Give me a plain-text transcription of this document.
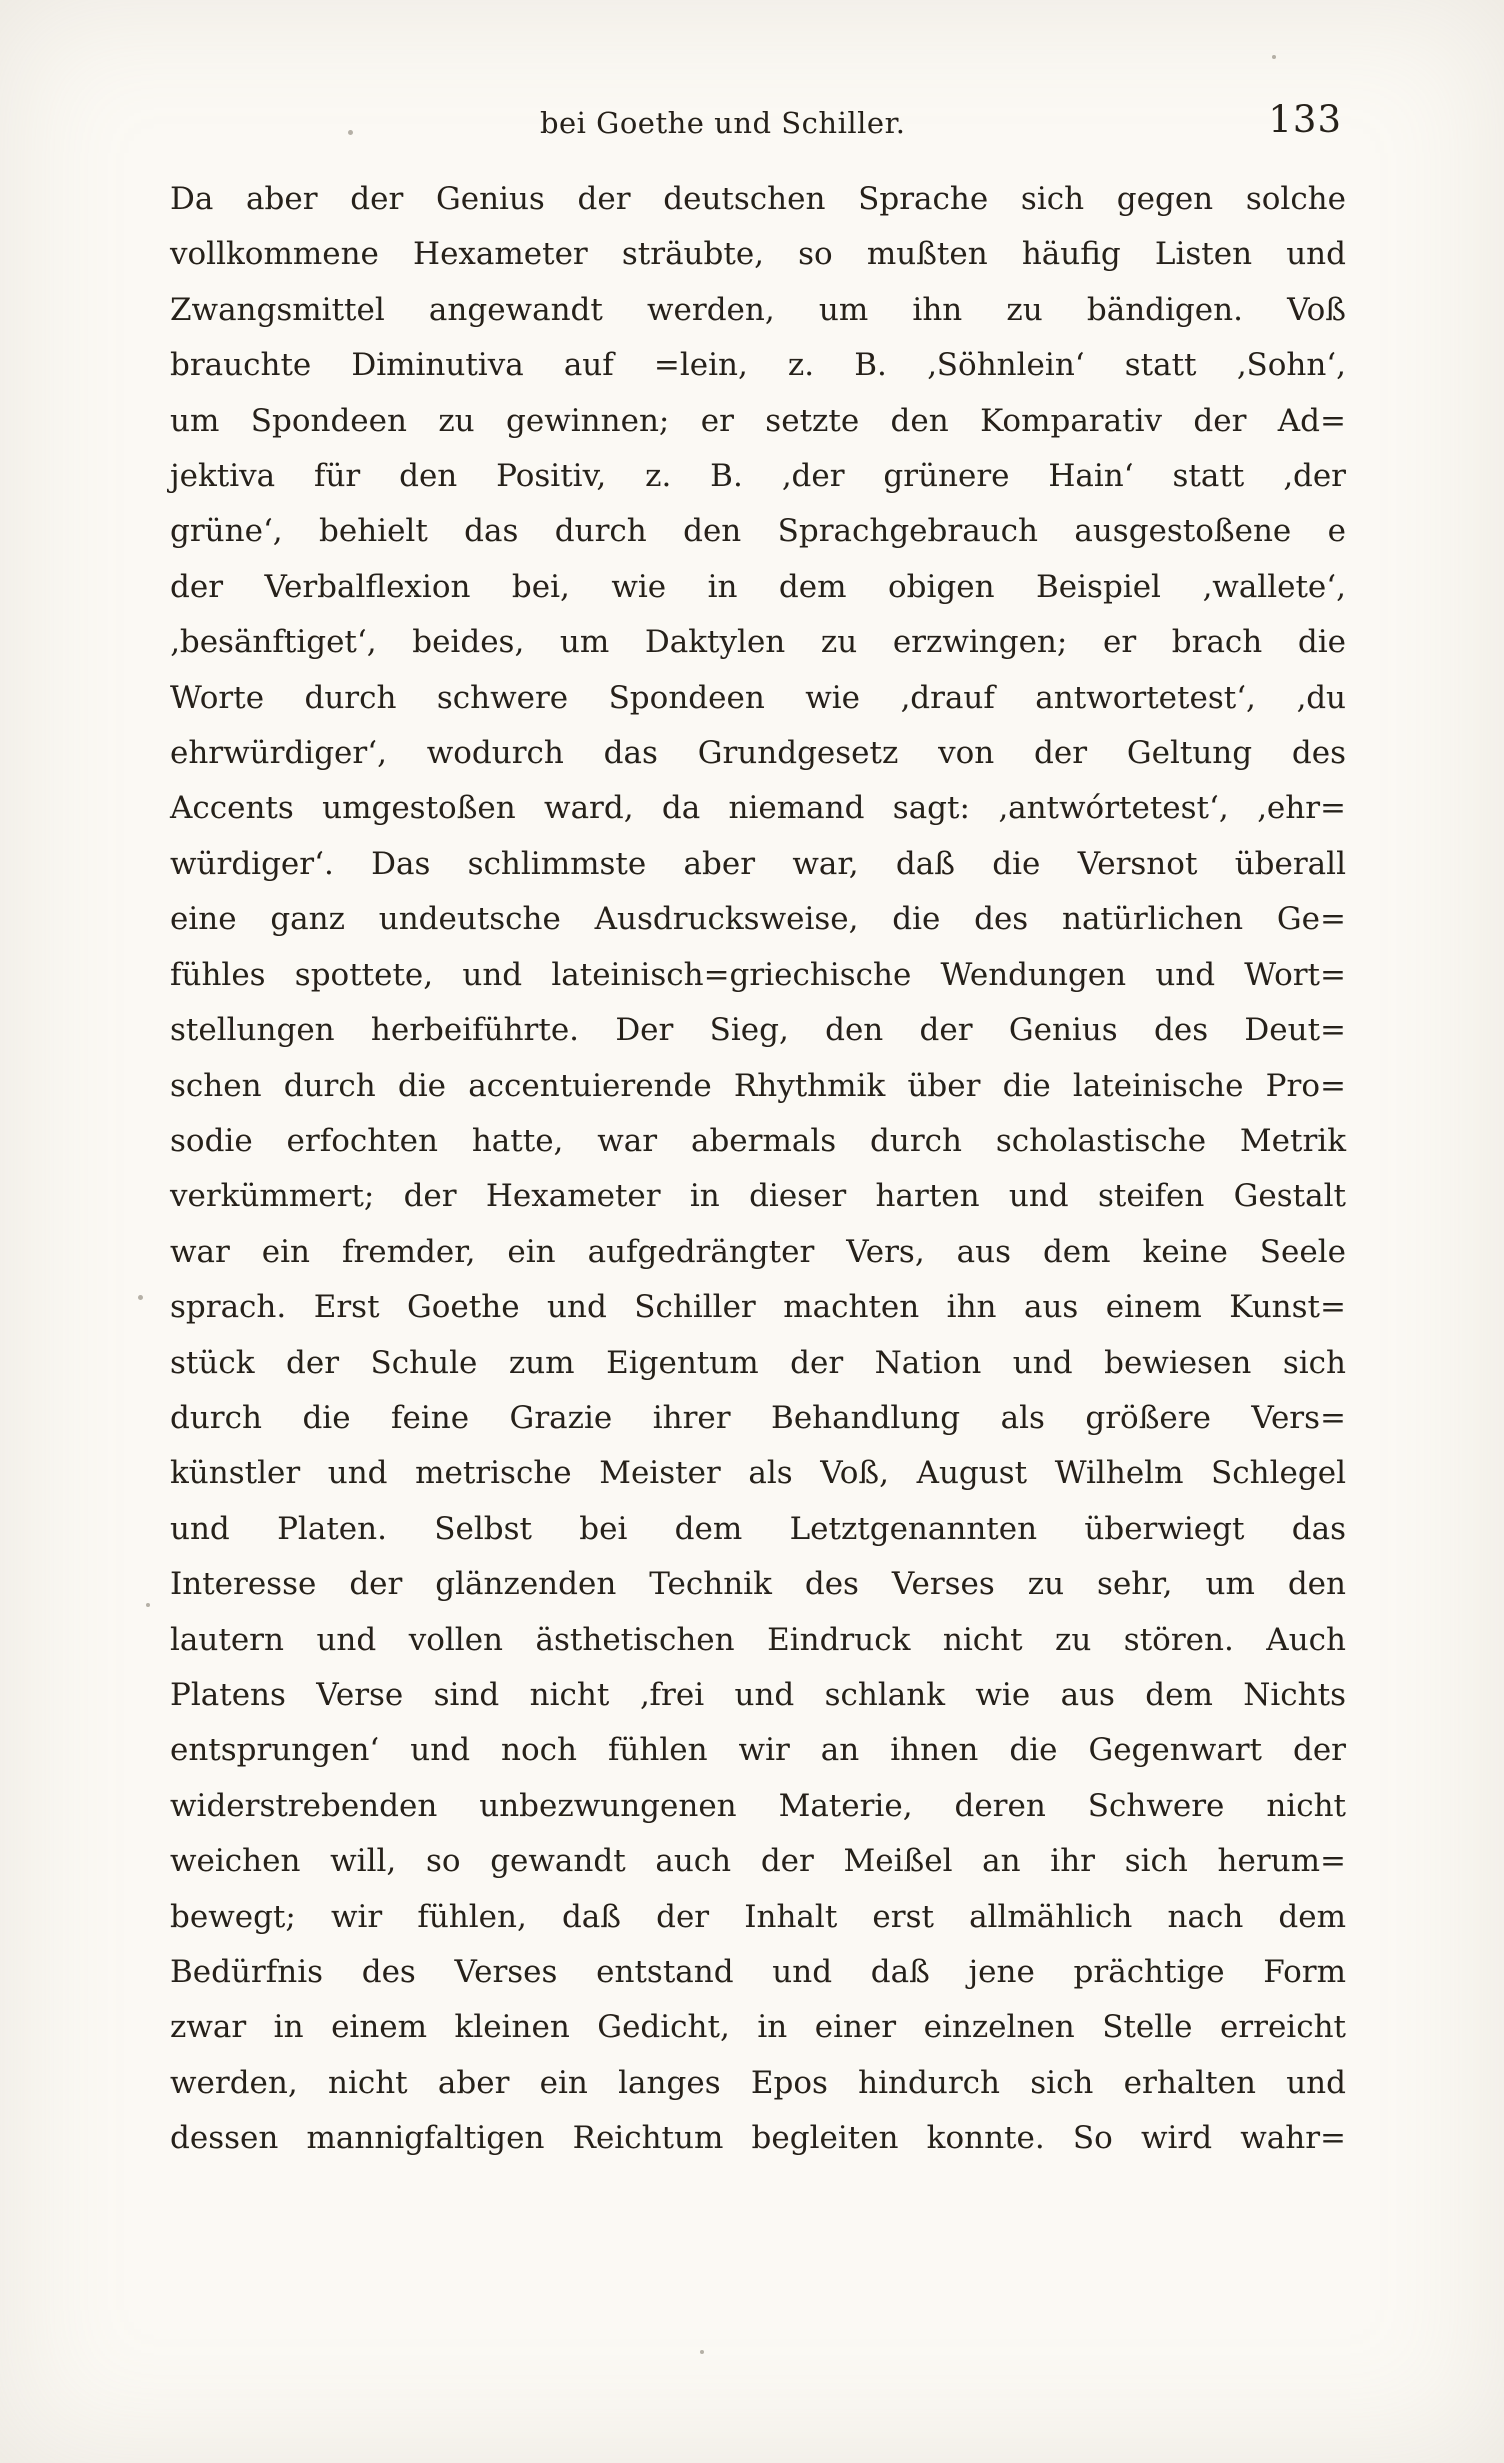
bei Goethe und Schiller.	133
Da aber der Genius der deutschen Sprache sich gegen solche
vollkommene Hexameter sträubte, so mußten häufig Listen und
Zwangsmittel angewandt werden, um ihn zu bändigen. Voß
brauchte Diminutiva auf =lein, z. B. ‚Söhnlein‘ statt ‚Sohn‘,
um Spondeen zu gewinnen; er setzte den Komparativ der Ad=
jektiva für den Positiv, z. B. ‚der grünere Hain‘ statt ‚der
grüne‘, behielt das durch den Sprachgebrauch ausgestoßene e
der Verbalflexion bei, wie in dem obigen Beispiel ‚wallete‘,
‚besänftiget‘, beides, um Daktylen zu erzwingen; er brach die
Worte durch schwere Spondeen wie ‚drauf antwortetest‘, ‚du
ehrwürdiger‘, wodurch das Grundgesetz von der Geltung des
Accents umgestoßen ward, da niemand sagt: ‚antwórtetest‘, ‚ehr=
würdiger‘. Das schlimmste aber war, daß die Versnot überall
eine ganz undeutsche Ausdrucksweise, die des natürlichen Ge=
fühles spottete, und lateinisch=griechische Wendungen und Wort=
stellungen herbeiführte. Der Sieg, den der Genius des Deut=
schen durch die accentuierende Rhythmik über die lateinische Pro=
sodie erfochten hatte, war abermals durch scholastische Metrik
verkümmert; der Hexameter in dieser harten und steifen Gestalt
war ein fremder, ein aufgedrängter Vers, aus dem keine Seele
sprach. Erst Goethe und Schiller machten ihn aus einem Kunst=
stück der Schule zum Eigentum der Nation und bewiesen sich
durch die feine Grazie ihrer Behandlung als größere Vers=
künstler und metrische Meister als Voß, August Wilhelm Schlegel
und Platen. Selbst bei dem Letztgenannten überwiegt das
Interesse der glänzenden Technik des Verses zu sehr, um den
lautern und vollen ästhetischen Eindruck nicht zu stören. Auch
Platens Verse sind nicht ‚frei und schlank wie aus dem Nichts
entsprungen‘ und noch fühlen wir an ihnen die Gegenwart der
widerstrebenden unbezwungenen Materie, deren Schwere nicht
weichen will, so gewandt auch der Meißel an ihr sich herum=
bewegt; wir fühlen, daß der Inhalt erst allmählich nach dem
Bedürfnis des Verses entstand und daß jene prächtige Form
zwar in einem kleinen Gedicht, in einer einzelnen Stelle erreicht
werden, nicht aber ein langes Epos hindurch sich erhalten und
dessen mannigfaltigen Reichtum begleiten konnte. So wird wahr=
